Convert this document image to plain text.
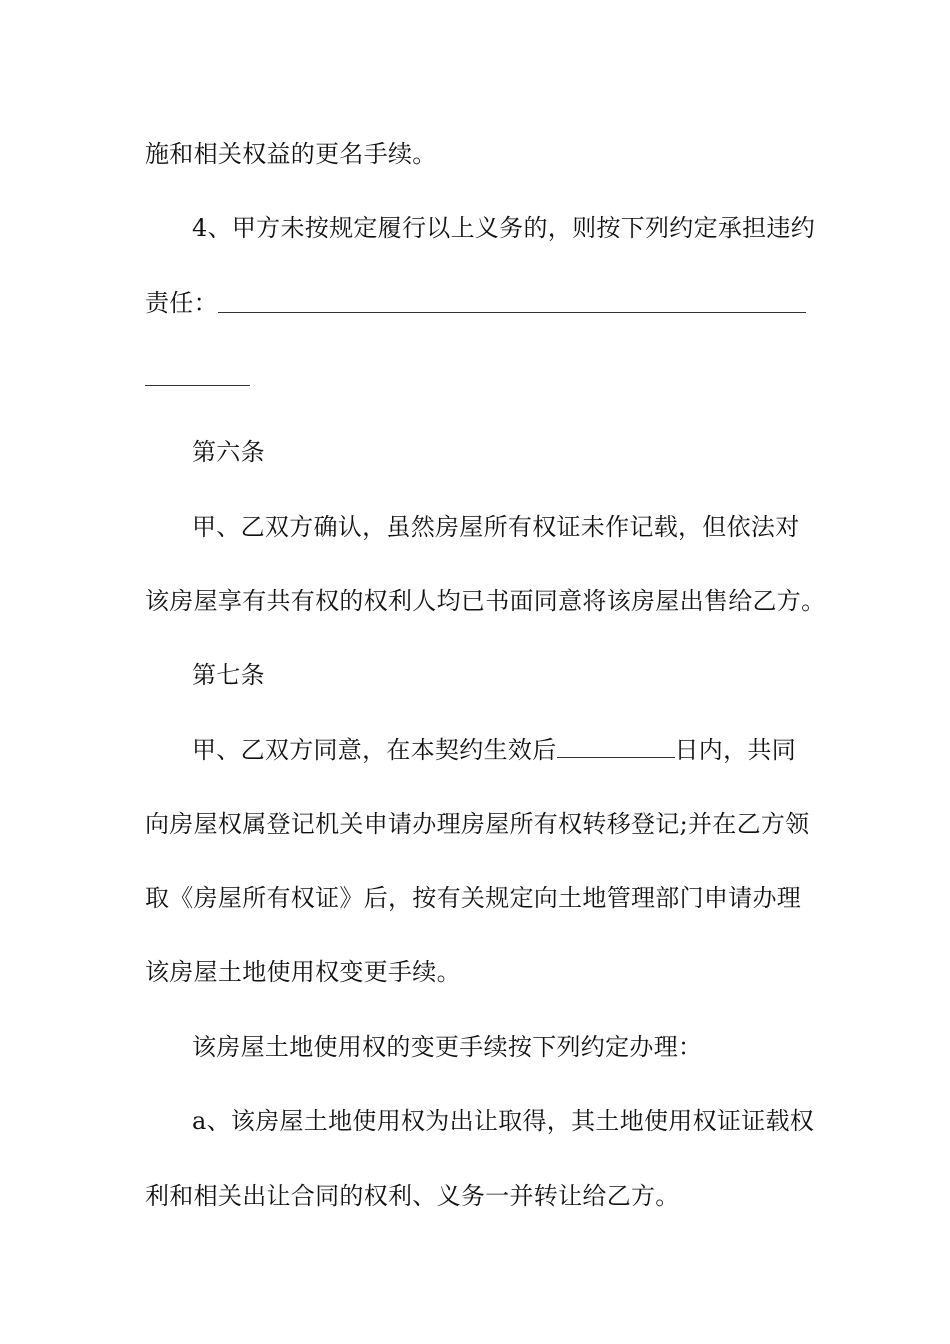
施和相关权益的更名手续。
4、甲方未按规定履行以上义务的，则按下列约定承担违约
责任：
第六条
甲、乙双方确认，虽然房屋所有权证未作记载，但依法对
该房屋享有共有权的权利人均已书面同意将该房屋出售给乙方。
第七条
甲、乙双方同意，在本契约生效后	日内，共同
向房屋权属登记机关申请办理房屋所有权转移登记;并在乙方领
取《房屋所有权证》后，按有关规定向土地管理部门申请办理
该房屋土地使用权变更手续。
该房屋土地使用权的变更手续按下列约定办理：
a、该房屋土地使用权为出让取得，其土地使用权证证载权
利和相关出让合同的权利、义务一并转让给乙方。
